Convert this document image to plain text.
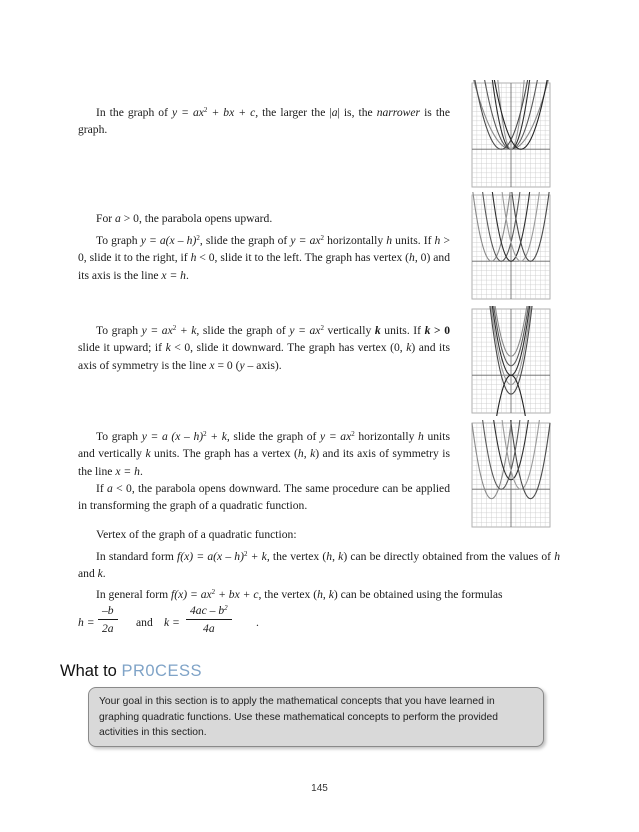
In the graph of $y = ax^2$ + bx + c, the larger the |a| is, the narrower is the graph.
For a > 0, the parabola opens upward.
To graph y = a(x – h)$^2$, slide the graph of $y = ax^2$ horizontally h units. If h > 0, slide it to the right, if h < 0, slide it to the left. The graph has vertex (h, 0) and its axis is the line x = h.
To graph $y = ax^2 + k$, slide the graph of $y = ax^2$ vertically k units. If k > 0 slide it upward; if k < 0, slide it downward. The graph has vertex (0, k) and its axis of symmetry is the line x = 0 (y – axis).
To graph y = a (x – h)$^2$ + k, slide the graph of $y = ax^2$ horizontally h units and vertically k units. The graph has a vertex (h, k) and its axis of symmetry is the line x = h.
If a < 0, the parabola opens downward. The same procedure can be applied in transforming the graph of a quadratic function.
Vertex of the graph of a quadratic function:
In standard form f(x) = a(x – h)$^2$ + k, the vertex (h, k) can be directly obtained from the values of h and k.
In general form $f(x) = ax^2$ + bx + c, the vertex (h, k) can be obtained using the formulas
$h = \frac{-b}{2a}$ and $k = \frac{4ac - b^2}{4a}$ .
What to PR0CESS
Your goal in this section is to apply the mathematical concepts that you have learned in graphing quadratic functions. Use these mathematical concepts to perform the provided activities in this section.
145
